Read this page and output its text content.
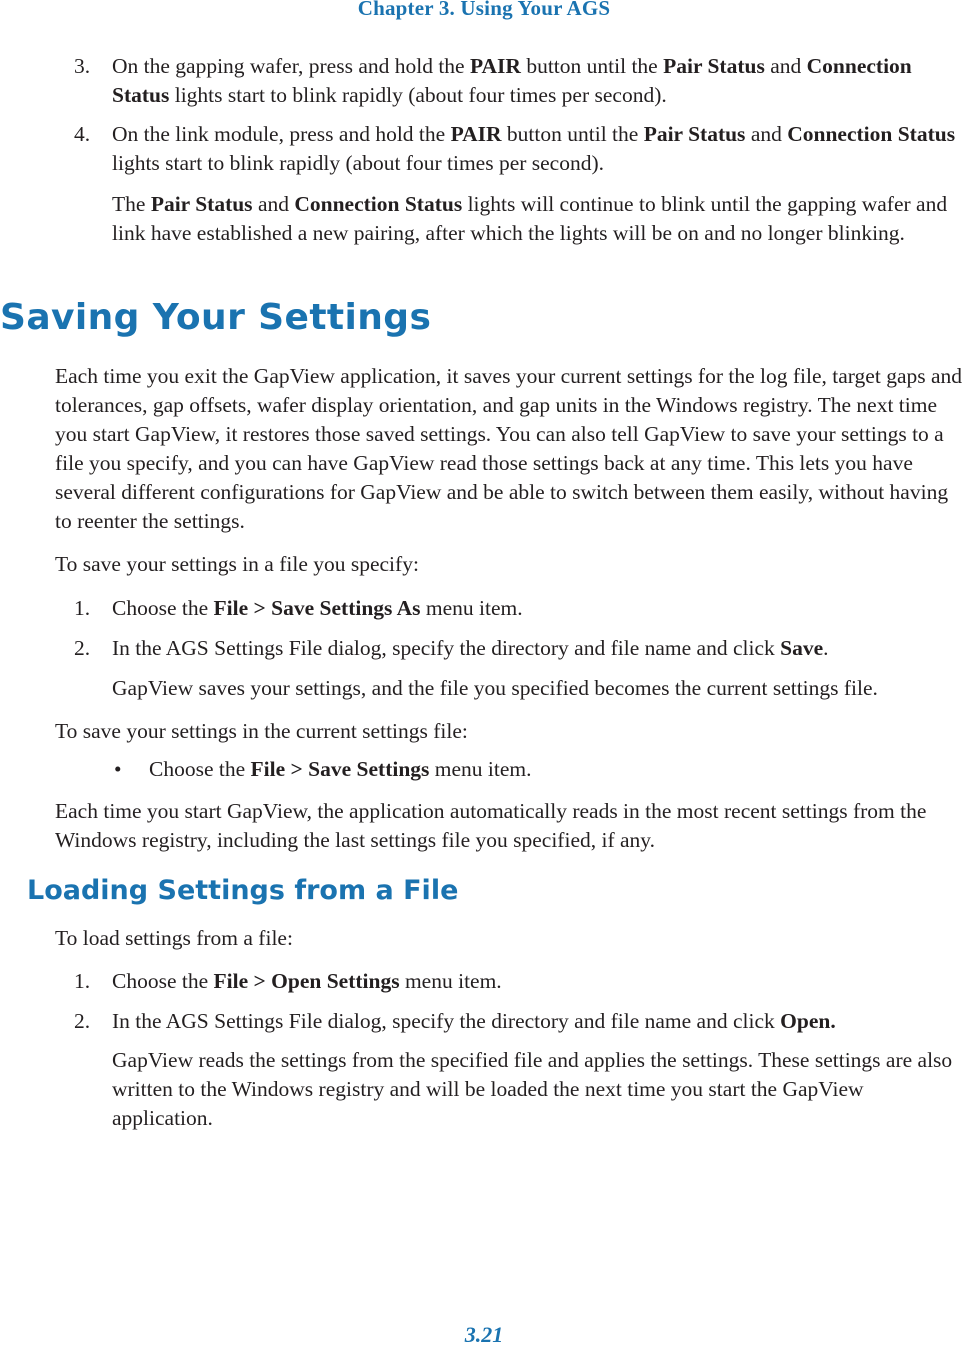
Chapter 3. Using Your AGS
3. On the gapping wafer, press and hold the PAIR button until the Pair Status and Connection Status lights start to blink rapidly (about four times per second).
4. On the link module, press and hold the PAIR button until the Pair Status and Connection Status lights start to blink rapidly (about four times per second).
The Pair Status and Connection Status lights will continue to blink until the gapping wafer and link have established a new pairing, after which the lights will be on and no longer blinking.
Saving Your Settings
Each time you exit the GapView application, it saves your current settings for the log file, target gaps and tolerances, gap offsets, wafer display orientation, and gap units in the Windows registry. The next time you start GapView, it restores those saved settings. You can also tell GapView to save your settings to a file you specify, and you can have GapView read those settings back at any time. This lets you have several different configurations for GapView and be able to switch between them easily, without having to reenter the settings.
To save your settings in a file you specify:
1. Choose the File > Save Settings As menu item.
2. In the AGS Settings File dialog, specify the directory and file name and click Save.
GapView saves your settings, and the file you specified becomes the current settings file.
To save your settings in the current settings file:
• Choose the File > Save Settings menu item.
Each time you start GapView, the application automatically reads in the most recent settings from the Windows registry, including the last settings file you specified, if any.
Loading Settings from a File
To load settings from a file:
1. Choose the File > Open Settings menu item.
2. In the AGS Settings File dialog, specify the directory and file name and click Open.
GapView reads the settings from the specified file and applies the settings. These settings are also written to the Windows registry and will be loaded the next time you start the GapView application.
3.21
